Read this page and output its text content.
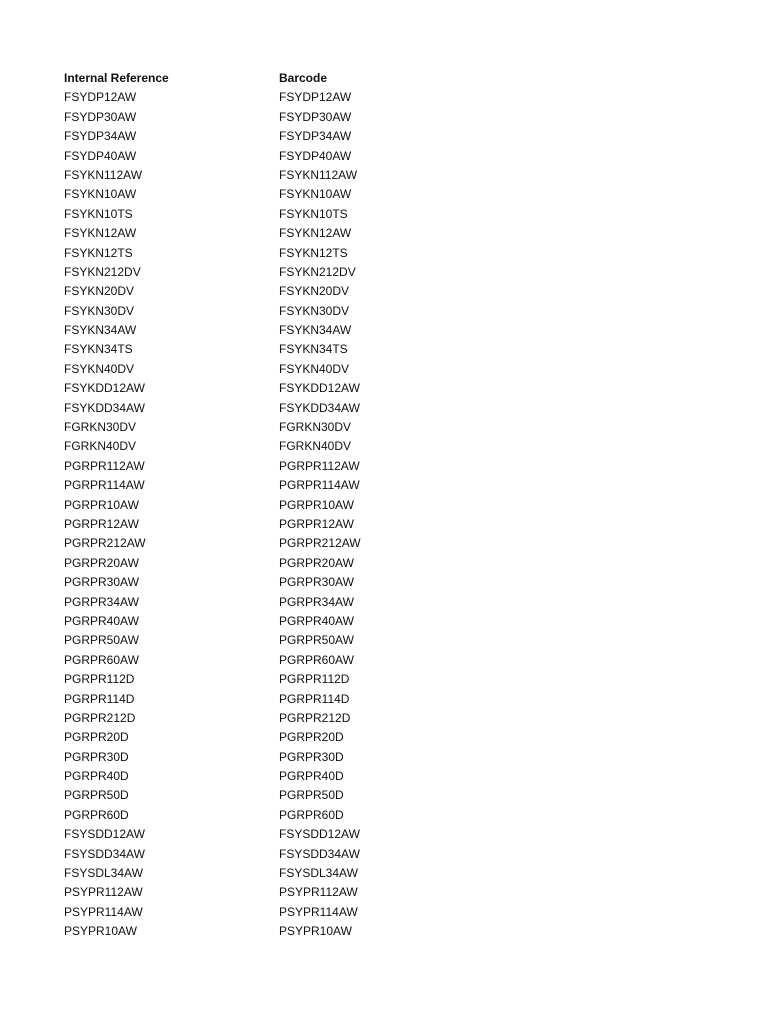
Internal Reference	Barcode
FSYDP12AW	FSYDP12AW
FSYDP30AW	FSYDP30AW
FSYDP34AW	FSYDP34AW
FSYDP40AW	FSYDP40AW
FSYKN112AW	FSYKN112AW
FSYKN10AW	FSYKN10AW
FSYKN10TS	FSYKN10TS
FSYKN12AW	FSYKN12AW
FSYKN12TS	FSYKN12TS
FSYKN212DV	FSYKN212DV
FSYKN20DV	FSYKN20DV
FSYKN30DV	FSYKN30DV
FSYKN34AW	FSYKN34AW
FSYKN34TS	FSYKN34TS
FSYKN40DV	FSYKN40DV
FSYKDD12AW	FSYKDD12AW
FSYKDD34AW	FSYKDD34AW
FGRKN30DV	FGRKN30DV
FGRKN40DV	FGRKN40DV
PGRPR112AW	PGRPR112AW
PGRPR114AW	PGRPR114AW
PGRPR10AW	PGRPR10AW
PGRPR12AW	PGRPR12AW
PGRPR212AW	PGRPR212AW
PGRPR20AW	PGRPR20AW
PGRPR30AW	PGRPR30AW
PGRPR34AW	PGRPR34AW
PGRPR40AW	PGRPR40AW
PGRPR50AW	PGRPR50AW
PGRPR60AW	PGRPR60AW
PGRPR112D	PGRPR112D
PGRPR114D	PGRPR114D
PGRPR212D	PGRPR212D
PGRPR20D	PGRPR20D
PGRPR30D	PGRPR30D
PGRPR40D	PGRPR40D
PGRPR50D	PGRPR50D
PGRPR60D	PGRPR60D
FSYSDD12AW	FSYSDD12AW
FSYSDD34AW	FSYSDD34AW
FSYSDL34AW	FSYSDL34AW
PSYPR112AW	PSYPR112AW
PSYPR114AW	PSYPR114AW
PSYPR10AW	PSYPR10AW
